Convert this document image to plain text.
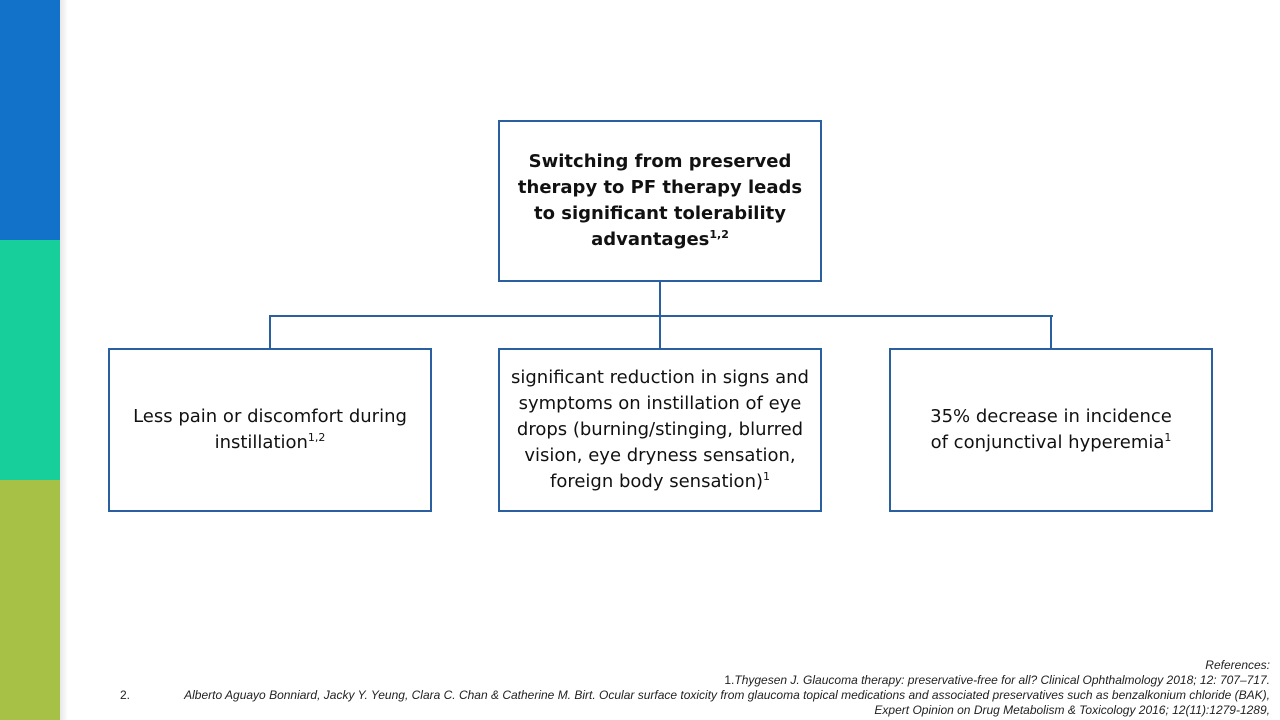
Switching from preserved therapy to PF therapy leads to significant tolerability advantages$^{1,2}$
Less pain or discomfort during instillation$^{1,2}$
significant reduction in signs and symptoms on instillation of eye drops (burning/stinging, blurred vision, eye dryness sensation, foreign body sensation)$^1$
35% decrease in incidence of conjunctival hyperemia$^1$
References:
1.Thygesen J. Glaucoma therapy: preservative-free for all? Clinical Ophthalmology 2018; 12: 707–717.
2.	Alberto Aguayo Bonniard, Jacky Y. Yeung, Clara C. Chan & Catherine M. Birt. Ocular surface toxicity from glaucoma topical medications and associated preservatives such as benzalkonium chloride (BAK), Expert Opinion on Drug Metabolism & Toxicology 2016; 12(11):1279-1289,
